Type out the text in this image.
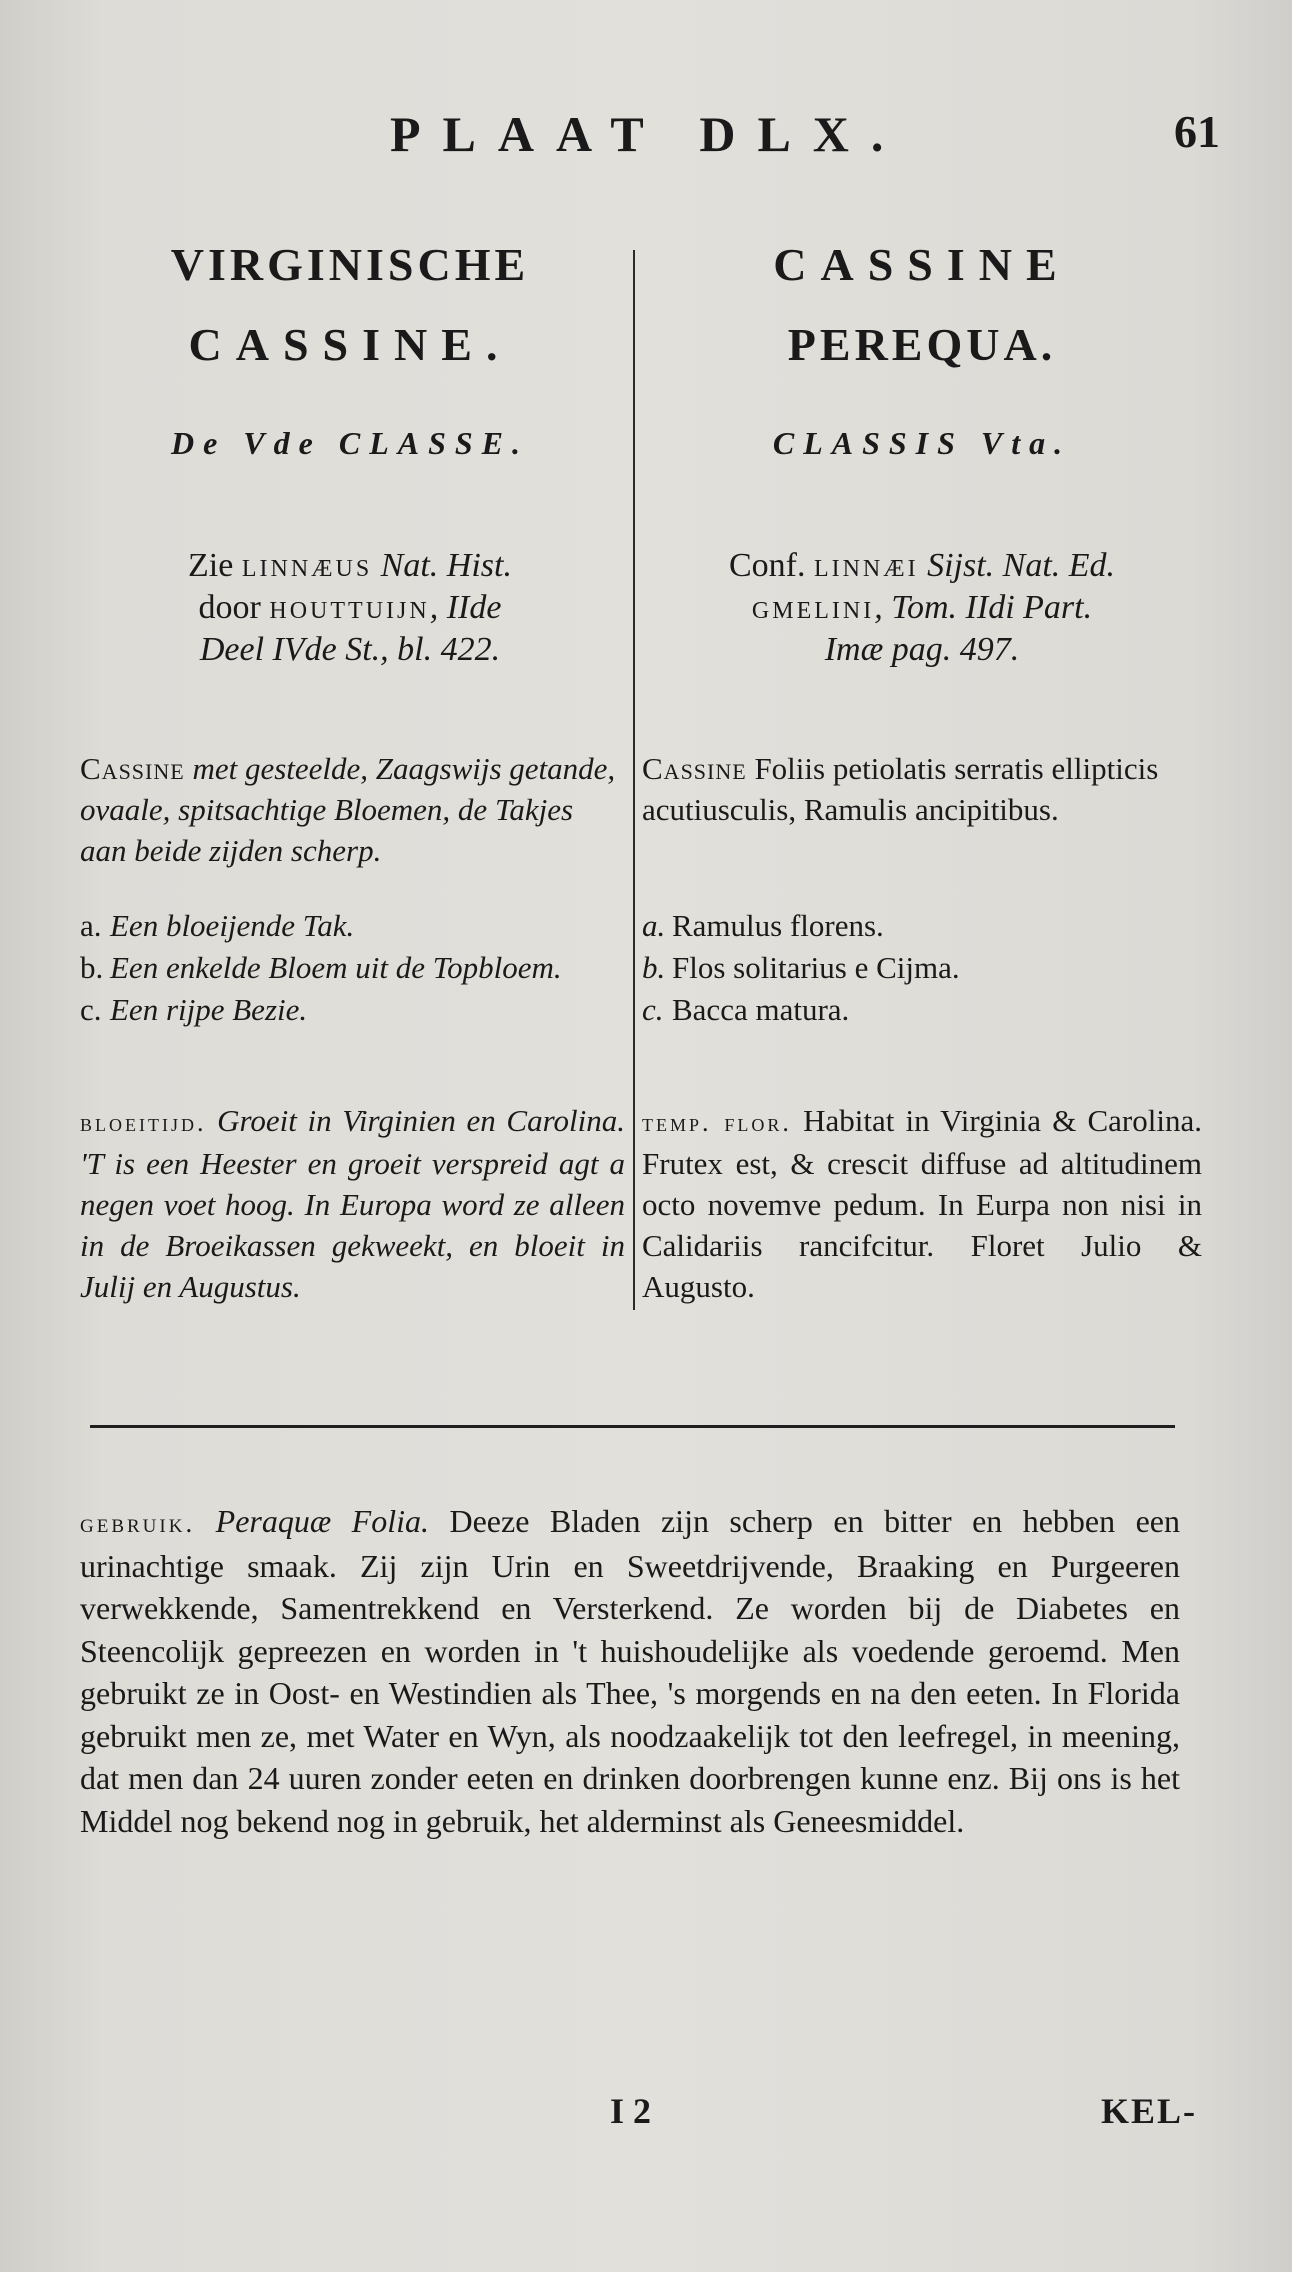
PLAAT DLX.	61
VIRGINISCHE
CASSINE.
De Vde CLASSE.
Zie linnæus Nat. Hist.
door houttuijn, IIde
Deel IVde St., bl. 422.
CASSINE
PEREQUA.
CLASSIS Vta.
Conf. linnæi Sijst. Nat. Ed.
gmelini, Tom. IIdi Part.
Imæ pag. 497.
Cassine met gesteelde, Zaagswijs getande, ovaale, spitsachtige Bloemen, de Takjes aan beide zijden scherp.
Cassine Foliis petiolatis serratis ellipticis acutiusculis, Ramulis ancipitibus.
a. Een bloeijende Tak.
b. Een enkelde Bloem uit de Topbloem.
c. Een rijpe Bezie.
a. Ramulus florens.
b. Flos solitarius e Cijma.
c. Bacca matura.
bloeitijd. Groeit in Virginien en Carolina. 'T is een Heester en groeit verspreid agt a negen voet hoog. In Europa word ze alleen in de Broeikassen gekweekt, en bloeit in Julij en Augustus.
temp. flor. Habitat in Virginia & Carolina. Frutex est, & crescit diffuse ad altitudinem octo novemve pedum. In Eurpa non nisi in Calidariis rancifcitur. Floret Julio & Augusto.
gebruik. Peraquæ Folia. Deeze Bladen zijn scherp en bitter en hebben een urinachtige smaak. Zij zijn Urin en Sweetdrijvende, Braaking en Purgeeren verwekkende, Samentrekkend en Versterkend. Ze worden bij de Diabetes en Steencolijk gepreezen en worden in 't huishoudelijke als voedende geroemd. Men gebruikt ze in Oost- en Westindien als Thee, 's morgends en na den eeten. In Florida gebruikt men ze, met Water en Wyn, als noodzaakelijk tot den leefregel, in meening, dat men dan 24 uuren zonder eeten en drinken doorbrengen kunne enz. Bij ons is het Middel nog bekend nog in gebruik, het alderminst als Geneesmiddel.
I 2	KEL-
